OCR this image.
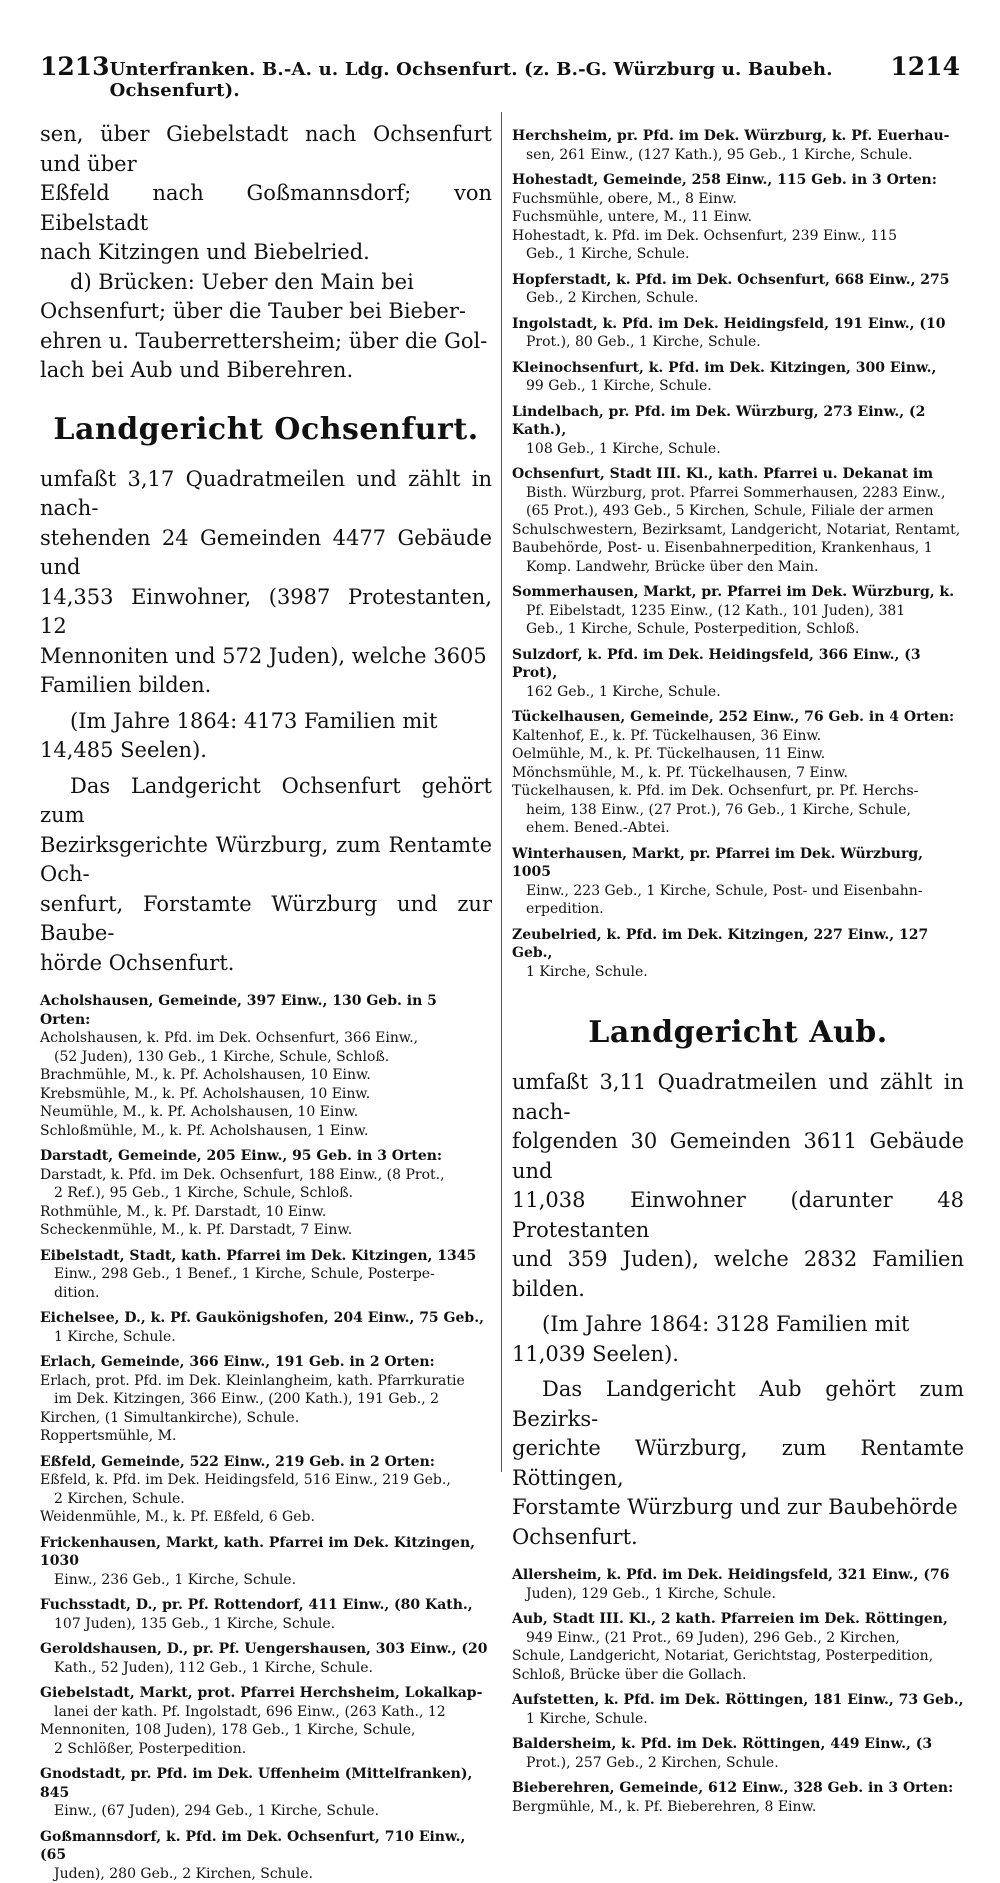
1213 Unterfranken. B.-A. u. Ldg. Ochsenfurt. (z. B.-G. Würzburg u. Baubeh. Ochsenfurt).
1214
sen, über Giebelstadt nach Ochsenfurt und über
Eßfeld nach Goßmannsdorf; von Eibelstadt
nach Kitzingen und Biebelried.
d) Brücken: Ueber den Main bei
Ochsenfurt; über die Tauber bei Bieber-
ehren u. Tauberrettersheim; über die Gol-
lach bei Aub und Biberehren.
Landgericht Ochsenfurt.
umfaßt 3,17 Quadratmeilen und zählt in nach-
stehenden 24 Gemeinden 4477 Gebäude und
14,353 Einwohner, (3987 Protestanten, 12
Mennoniten und 572 Juden), welche 3605
Familien bilden.
(Im Jahre 1864: 4173 Familien mit
14,485 Seelen).
Das Landgericht Ochsenfurt gehört zum
Bezirksgerichte Würzburg, zum Rentamte Och-
senfurt, Forstamte Würzburg und zur Baube-
hörde Ochsenfurt.
Acholshausen, Gemeinde, 397 Einw., 130 Geb. in 5 Orten:
Acholshausen, k. Pfd. im Dek. Ochsenfurt, 366 Einw.,
(52 Juden), 130 Geb., 1 Kirche, Schule, Schloß.
Brachmühle, M., k. Pf. Acholshausen, 10 Einw.
Krebsmühle, M., k. Pf. Acholshausen, 10 Einw.
Neumühle, M., k. Pf. Acholshausen, 10 Einw.
Schloßmühle, M., k. Pf. Acholshausen, 1 Einw.
Darstadt, Gemeinde, 205 Einw., 95 Geb. in 3 Orten:
Darstadt, k. Pfd. im Dek. Ochsenfurt, 188 Einw., (8 Prot.,
2 Ref.), 95 Geb., 1 Kirche, Schule, Schloß.
Rothmühle, M., k. Pf. Darstadt, 10 Einw.
Scheckenmühle, M., k. Pf. Darstadt, 7 Einw.
Eibelstadt, Stadt, kath. Pfarrei im Dek. Kitzingen, 1345
Einw., 298 Geb., 1 Benef., 1 Kirche, Schule, Posterpe-
dition.
Eichelsee, D., k. Pf. Gaukönigshofen, 204 Einw., 75 Geb.,
1 Kirche, Schule.
Erlach, Gemeinde, 366 Einw., 191 Geb. in 2 Orten:
Erlach, prot. Pfd. im Dek. Kleinlangheim, kath. Pfarrkuratie
im Dek. Kitzingen, 366 Einw., (200 Kath.), 191 Geb., 2
Kirchen, (1 Simultankirche), Schule.
Roppertsmühle, M.
Eßfeld, Gemeinde, 522 Einw., 219 Geb. in 2 Orten:
Eßfeld, k. Pfd. im Dek. Heidingsfeld, 516 Einw., 219 Geb.,
2 Kirchen, Schule.
Weidenmühle, M., k. Pf. Eßfeld, 6 Geb.
Frickenhausen, Markt, kath. Pfarrei im Dek. Kitzingen, 1030
Einw., 236 Geb., 1 Kirche, Schule.
Fuchsstadt, D., pr. Pf. Rottendorf, 411 Einw., (80 Kath.,
107 Juden), 135 Geb., 1 Kirche, Schule.
Geroldshausen, D., pr. Pf. Uengershausen, 303 Einw., (20
Kath., 52 Juden), 112 Geb., 1 Kirche, Schule.
Giebelstadt, Markt, prot. Pfarrei Herchsheim, Lokalkap-
lanei der kath. Pf. Ingolstadt, 696 Einw., (263 Kath., 12
Mennoniten, 108 Juden), 178 Geb., 1 Kirche, Schule,
2 Schlößer, Posterpedition.
Gnodstadt, pr. Pfd. im Dek. Uffenheim (Mittelfranken), 845
Einw., (67 Juden), 294 Geb., 1 Kirche, Schule.
Goßmannsdorf, k. Pfd. im Dek. Ochsenfurt, 710 Einw., (65
Juden), 280 Geb., 2 Kirchen, Schule.
Herchsheim, pr. Pfd. im Dek. Würzburg, k. Pf. Euerhau-
sen, 261 Einw., (127 Kath.), 95 Geb., 1 Kirche, Schule.
Hohestadt, Gemeinde, 258 Einw., 115 Geb. in 3 Orten:
Fuchsmühle, obere, M., 8 Einw.
Fuchsmühle, untere, M., 11 Einw.
Hohestadt, k. Pfd. im Dek. Ochsenfurt, 239 Einw., 115
Geb., 1 Kirche, Schule.
Hopferstadt, k. Pfd. im Dek. Ochsenfurt, 668 Einw., 275
Geb., 2 Kirchen, Schule.
Ingolstadt, k. Pfd. im Dek. Heidingsfeld, 191 Einw., (10
Prot.), 80 Geb., 1 Kirche, Schule.
Kleinochsenfurt, k. Pfd. im Dek. Kitzingen, 300 Einw.,
99 Geb., 1 Kirche, Schule.
Lindelbach, pr. Pfd. im Dek. Würzburg, 273 Einw., (2 Kath.),
108 Geb., 1 Kirche, Schule.
Ochsenfurt, Stadt III. Kl., kath. Pfarrei u. Dekanat im
Bisth. Würzburg, prot. Pfarrei Sommerhausen, 2283 Einw.,
(65 Prot.), 493 Geb., 5 Kirchen, Schule, Filiale der armen
Schulschwestern, Bezirksamt, Landgericht, Notariat, Rentamt,
Baubehörde, Post- u. Eisenbahnerpedition, Krankenhaus, 1
Komp. Landwehr, Brücke über den Main.
Sommerhausen, Markt, pr. Pfarrei im Dek. Würzburg, k.
Pf. Eibelstadt, 1235 Einw., (12 Kath., 101 Juden), 381
Geb., 1 Kirche, Schule, Posterpedition, Schloß.
Sulzdorf, k. Pfd. im Dek. Heidingsfeld, 366 Einw., (3 Prot),
162 Geb., 1 Kirche, Schule.
Tückelhausen, Gemeinde, 252 Einw., 76 Geb. in 4 Orten:
Kaltenhof, E., k. Pf. Tückelhausen, 36 Einw.
Oelmühle, M., k. Pf. Tückelhausen, 11 Einw.
Mönchsmühle, M., k. Pf. Tückelhausen, 7 Einw.
Tückelhausen, k. Pfd. im Dek. Ochsenfurt, pr. Pf. Herchs-
heim, 138 Einw., (27 Prot.), 76 Geb., 1 Kirche, Schule,
ehem. Bened.-Abtei.
Winterhausen, Markt, pr. Pfarrei im Dek. Würzburg, 1005
Einw., 223 Geb., 1 Kirche, Schule, Post- und Eisenbahn-
erpedition.
Zeubelried, k. Pfd. im Dek. Kitzingen, 227 Einw., 127 Geb.,
1 Kirche, Schule.
Landgericht Aub.
umfaßt 3,11 Quadratmeilen und zählt in nach-
folgenden 30 Gemeinden 3611 Gebäude und
11,038 Einwohner (darunter 48 Protestanten
und 359 Juden), welche 2832 Familien bilden.
(Im Jahre 1864: 3128 Familien mit
11,039 Seelen).
Das Landgericht Aub gehört zum Bezirks-
gerichte Würzburg, zum Rentamte Röttingen,
Forstamte Würzburg und zur Baubehörde
Ochsenfurt.
Allersheim, k. Pfd. im Dek. Heidingsfeld, 321 Einw., (76
Juden), 129 Geb., 1 Kirche, Schule.
Aub, Stadt III. Kl., 2 kath. Pfarreien im Dek. Röttingen,
949 Einw., (21 Prot., 69 Juden), 296 Geb., 2 Kirchen,
Schule, Landgericht, Notariat, Gerichtstag, Posterpedition,
Schloß, Brücke über die Gollach.
Aufstetten, k. Pfd. im Dek. Röttingen, 181 Einw., 73 Geb.,
1 Kirche, Schule.
Baldersheim, k. Pfd. im Dek. Röttingen, 449 Einw., (3
Prot.), 257 Geb., 2 Kirchen, Schule.
Bieberehren, Gemeinde, 612 Einw., 328 Geb. in 3 Orten:
Bergmühle, M., k. Pf. Bieberehren, 8 Einw.
